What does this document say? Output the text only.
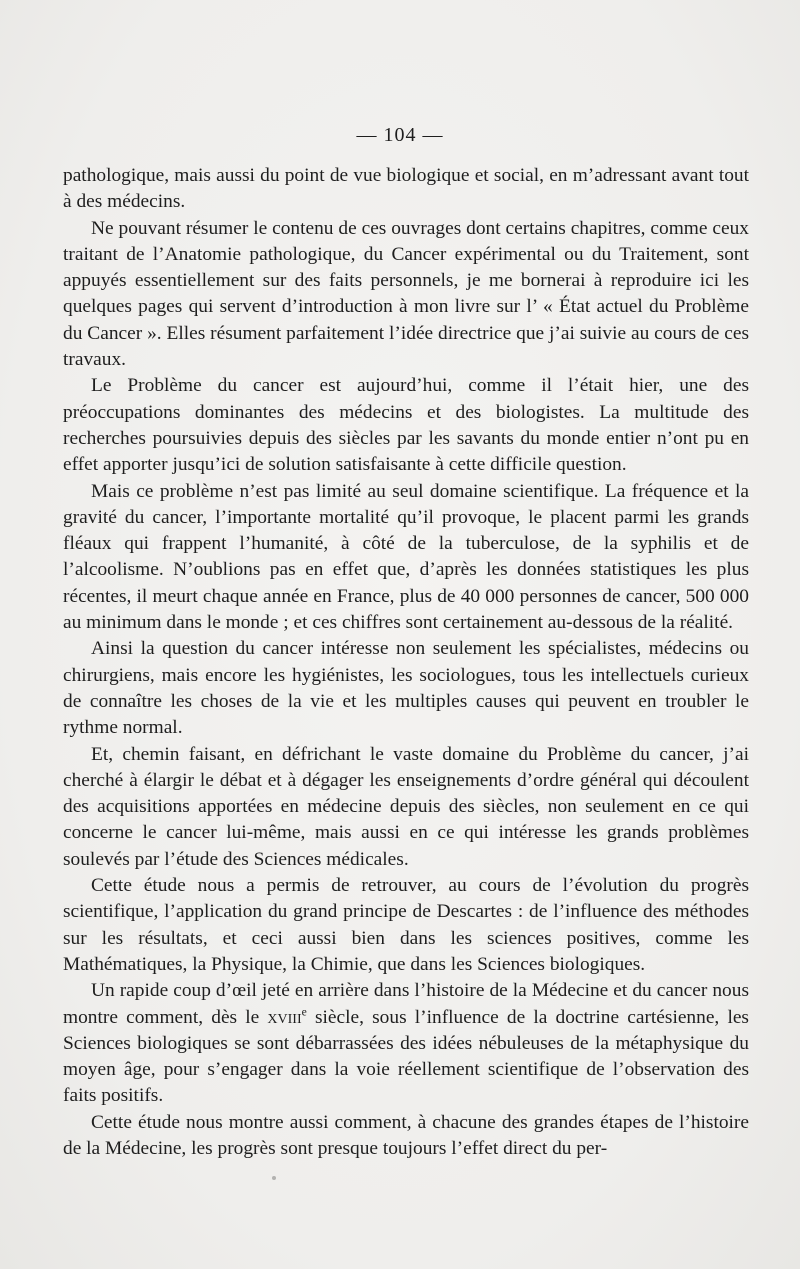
— 104 —

pathologique, mais aussi du point de vue biologique et social, en m’adressant avant tout à des médecins.

Ne pouvant résumer le contenu de ces ouvrages dont certains chapitres, comme ceux traitant de l’Anatomie pathologique, du Cancer expérimental ou du Traitement, sont appuyés essentiellement sur des faits personnels, je me bornerai à reproduire ici les quelques pages qui servent d’introduction à mon livre sur l’ « État actuel du Problème du Cancer ». Elles résument parfaitement l’idée directrice que j’ai suivie au cours de ces travaux.

Le Problème du cancer est aujourd’hui, comme il l’était hier, une des préoccupations dominantes des médecins et des biologistes. La multitude des recherches poursuivies depuis des siècles par les savants du monde entier n’ont pu en effet apporter jusqu’ici de solution satisfaisante à cette difficile question.

Mais ce problème n’est pas limité au seul domaine scientifique. La fréquence et la gravité du cancer, l’importante mortalité qu’il provoque, le placent parmi les grands fléaux qui frappent l’humanité, à côté de la tuberculose, de la syphilis et de l’alcoolisme. N’oublions pas en effet que, d’après les données statistiques les plus récentes, il meurt chaque année en France, plus de 40 000 personnes de cancer, 500 000 au minimum dans le monde ; et ces chiffres sont certainement au-dessous de la réalité.

Ainsi la question du cancer intéresse non seulement les spécialistes, médecins ou chirurgiens, mais encore les hygiénistes, les sociologues, tous les intellectuels curieux de connaître les choses de la vie et les multiples causes qui peuvent en troubler le rythme normal.

Et, chemin faisant, en défrichant le vaste domaine du Problème du cancer, j’ai cherché à élargir le débat et à dégager les enseignements d’ordre général qui découlent des acquisitions apportées en médecine depuis des siècles, non seulement en ce qui concerne le cancer lui-même, mais aussi en ce qui intéresse les grands problèmes soulevés par l’étude des Sciences médicales.

Cette étude nous a permis de retrouver, au cours de l’évolution du progrès scientifique, l’application du grand principe de Descartes : de l’influence des méthodes sur les résultats, et ceci aussi bien dans les sciences positives, comme les Mathématiques, la Physique, la Chimie, que dans les Sciences biologiques.

Un rapide coup d’œil jeté en arrière dans l’histoire de la Médecine et du cancer nous montre comment, dès le xviii$^e$ siècle, sous l’influence de la doctrine cartésienne, les Sciences biologiques se sont débarrassées des idées nébuleuses de la métaphysique du moyen âge, pour s’engager dans la voie réellement scientifique de l’observation des faits positifs.

Cette étude nous montre aussi comment, à chacune des grandes étapes de l’histoire de la Médecine, les progrès sont presque toujours l’effet direct du per-
